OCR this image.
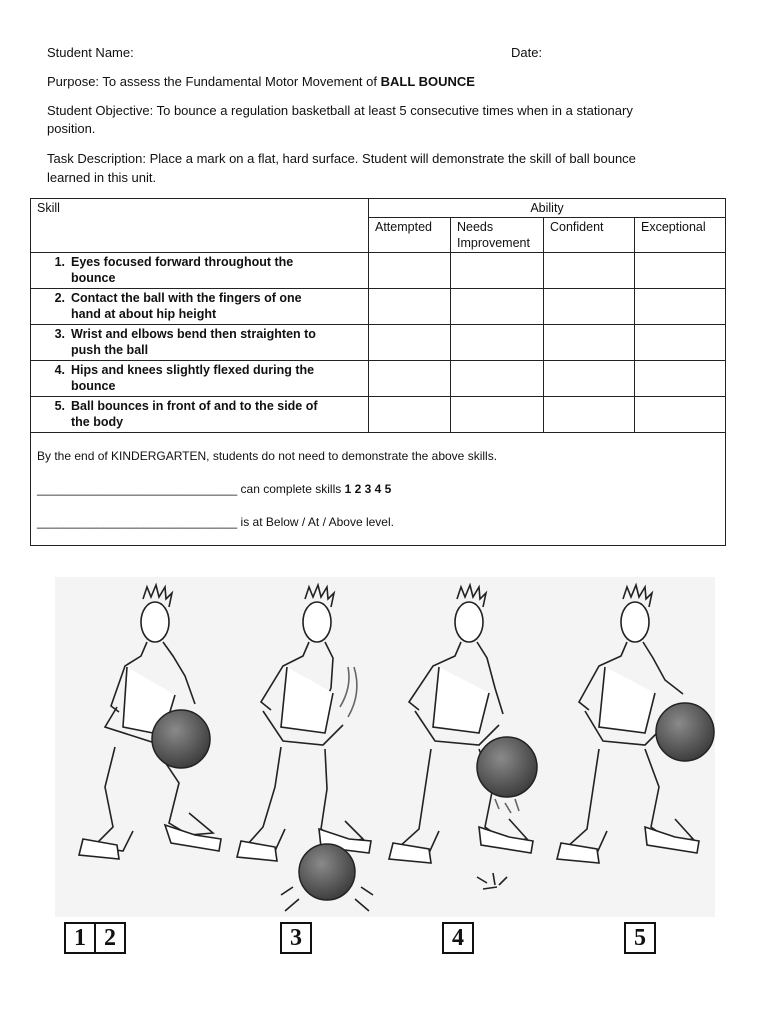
Student Name:	Date:
Purpose: To assess the Fundamental Motor Movement of BALL BOUNCE
Student Objective: To bounce a regulation basketball at least 5 consecutive times when in a stationary
position.
Task Description: Place a mark on a flat, hard surface. Student will demonstrate the skill of ball bounce
learned in this unit.
Skill	Ability			
	Attempted	Needs Improvement	Confident	Exceptional
1. Eyes focused forward throughout the
bounce				
2. Contact the ball with the fingers of one
hand at about hip height				
3. Wrist and elbows bend then straighten to
push the ball				
4. Hips and knees slightly flexed during the
bounce				
5. Ball bounces in front of and to the side of
the body				

By the end of KINDERGARTEN, students do not need to demonstrate the above skills.
______________________________ can complete skills 1 2 3 4 5
______________________________ is at Below / At / Above level.
1 2	3	4	5
